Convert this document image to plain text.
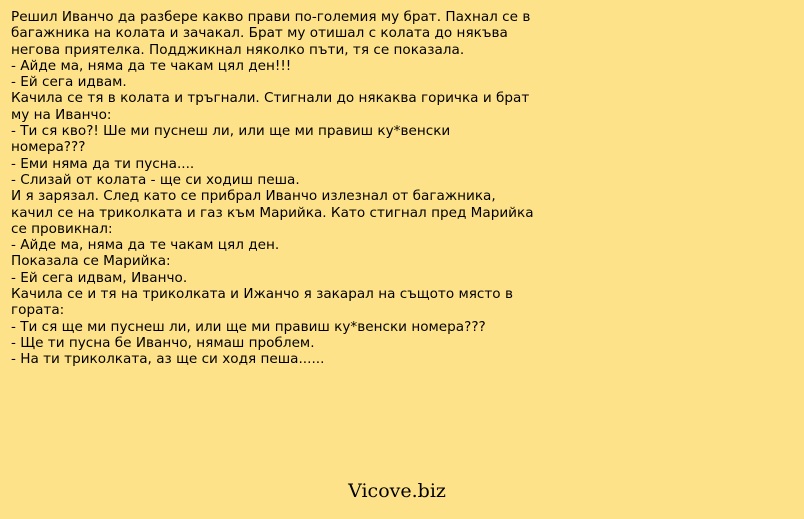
Решил Иванчо да разбере какво прави по-големия му брат. Пахнал се в
багажника на колата и зачакал. Брат му отишал с колата до някъва
негова приятелка. Подджикнал няколко пъти, тя се показала.
- Айде ма, няма да те чакам цял ден!!!
- Ей сега идвам.
Качила се тя в колата и тръгнали. Стигнали до някаква горичка и брат
му на Иванчо:
- Ти ся кво?! Ше ми пуснеш ли, или ще ми правиш ку*венски
номера???
- Еми няма да ти пусна....
- Слизай от колата - ще си ходиш пеша.
И я зарязал. След като се прибрал Иванчо излезнал от багажника,
качил се на триколката и газ към Марийка. Като стигнал пред Марийка
се провикнал:
- Айде ма, няма да те чакам цял ден.
Показала се Марийка:
- Ей сега идвам, Иванчо.
Качила се и тя на триколката и Ижанчо я закарал на същото място в
гората:
- Ти ся ще ми пуснеш ли, или ще ми правиш ку*венски номера???
- Ще ти пусна бе Иванчо, нямаш проблем.
- На ти триколката, аз ще си ходя пеша......
Vicove.biz
